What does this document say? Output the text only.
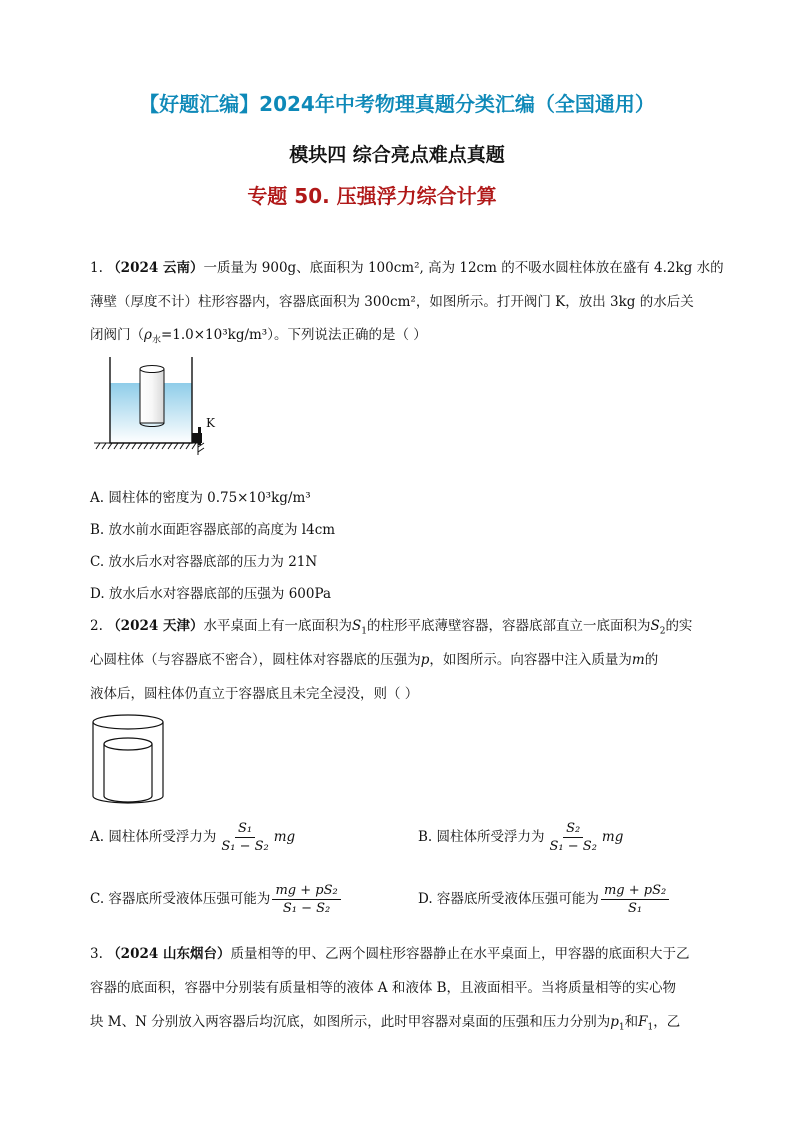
【好题汇编】2024年中考物理真题分类汇编（全国通用）
模块四 综合亮点难点真题
专题 50. 压强浮力综合计算
1. （2024 云南）一质量为 900g、底面积为 100cm², 高为 12cm 的不吸水圆柱体放在盛有 4.2kg 水的
薄壁（厚度不计）柱形容器内，容器底面积为 300cm²，如图所示。打开阀门 K，放出 3kg 的水后关
闭阀门$(\rho_水=1.0\times 10^3kg/m^3)$。下列说法正确的是（ ）
K
A. 圆柱体的密度为 0.75×10³kg/m³
B. 放水前水面距容器底部的高度为 l4cm
C. 放水后水对容器底部的压力为 21N
D. 放水后水对容器底部的压强为 600Pa
2. （2024 天津）水平桌面上有一底面积为$S_1$的柱形平底薄壁容器，容器底部直立一底面积为$S_2$的实
心圆柱体（与容器底不密合），圆柱体对容器底的压强为p，如图所示。向容器中注入质量为m的
液体后，圆柱体仍直立于容器底且未完全浸没，则（ ）
A. 圆柱体所受浮力为 $\frac{\text{S₁}}{\text{S₁ − S₂}}$ mg	B. 圆柱体所受浮力为 $\frac{\text{S₂}}{\text{S₁ − S₂}}$ mg
C. 容器底所受液体压强可能为 $\frac{\text{mg + pS₂}}{\text{S₁ − S₂}}$	D. 容器底所受液体压强可能为 $\frac{\text{mg + pS₂}}{\text{S₁}}$
3. （2024 山东烟台）质量相等的甲、乙两个圆柱形容器静止在水平桌面上，甲容器的底面积大于乙
容器的底面积，容器中分别装有质量相等的液体 A 和液体 B，且液面相平。当将质量相等的实心物
块 M、N 分别放入两容器后均沉底，如图所示，此时甲容器对桌面的压强和压力分别为$p_1$和$F_1$，乙
